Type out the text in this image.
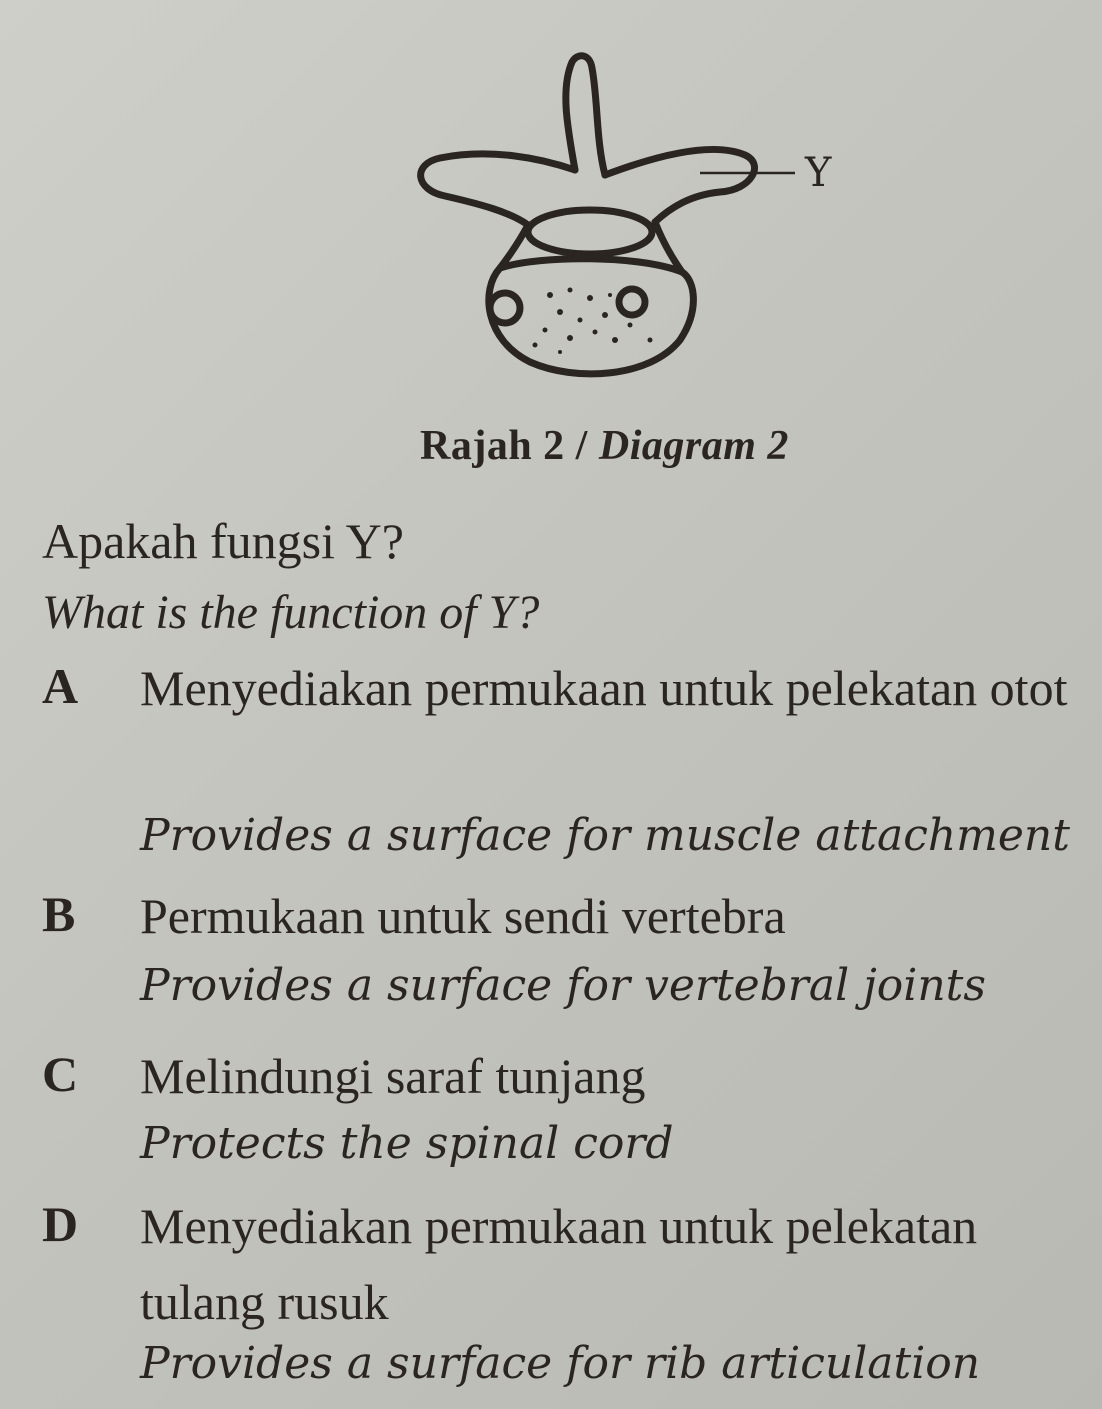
Y
Rajah 2 / Diagram 2
Apakah fungsi Y?
What is the function of Y?
A Menyediakan permukaan untuk pelekatan otot
Provides a surface for muscle attachment
B Permukaan untuk sendi vertebra
Provides a surface for vertebral joints
C Melindungi saraf tunjang
Protects the spinal cord
D Menyediakan permukaan untuk pelekatan tulang rusuk
Provides a surface for rib articulation
